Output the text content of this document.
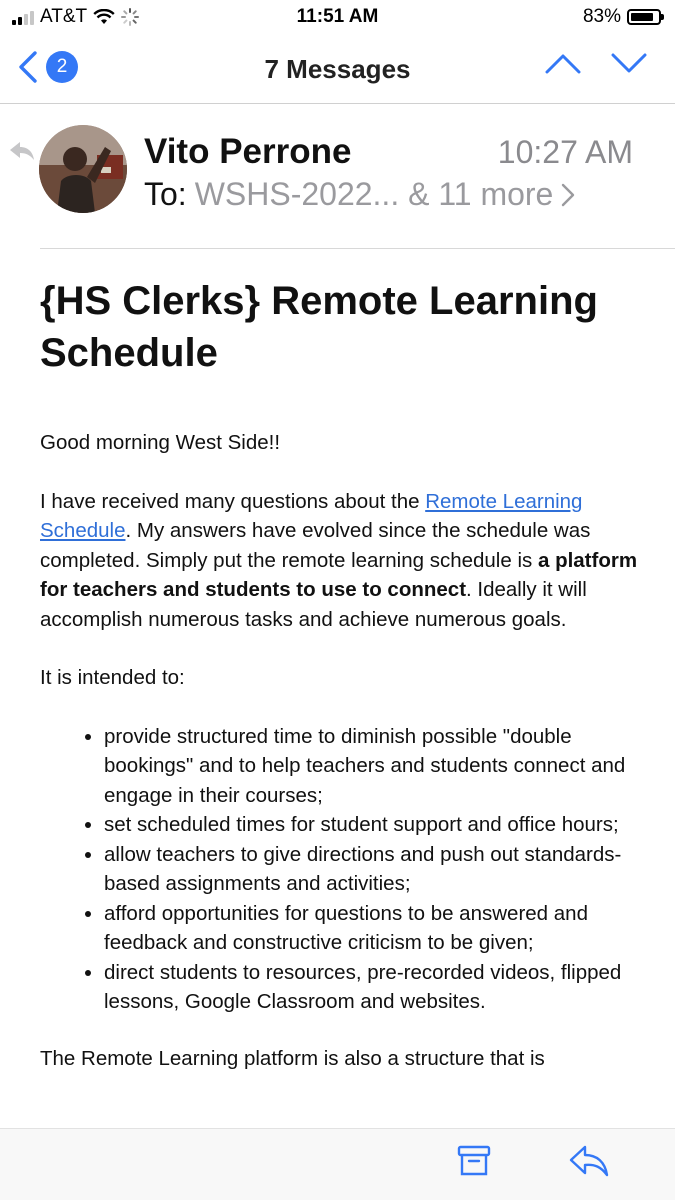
AT&T	11:51 AM	83%
2	7 Messages
Vito Perrone	10:27 AM
To: WSHS-2022... & 11 more
{HS Clerks} Remote Learning Schedule

Good morning West Side!!

I have received many questions about the Remote Learning Schedule. My answers have evolved since the schedule was completed. Simply put the remote learning schedule is a platform for teachers and students to use to connect. Ideally it will accomplish numerous tasks and achieve numerous goals.

It is intended to:

• provide structured time to diminish possible "double bookings" and to help teachers and students connect and engage in their courses;
• set scheduled times for student support and office hours;
• allow teachers to give directions and push out standards-based assignments and activities;
• afford opportunities for questions to be answered and feedback and constructive criticism to be given;
• direct students to resources, pre-recorded videos, flipped lessons, Google Classroom and websites.

The Remote Learning platform is also a structure that is
